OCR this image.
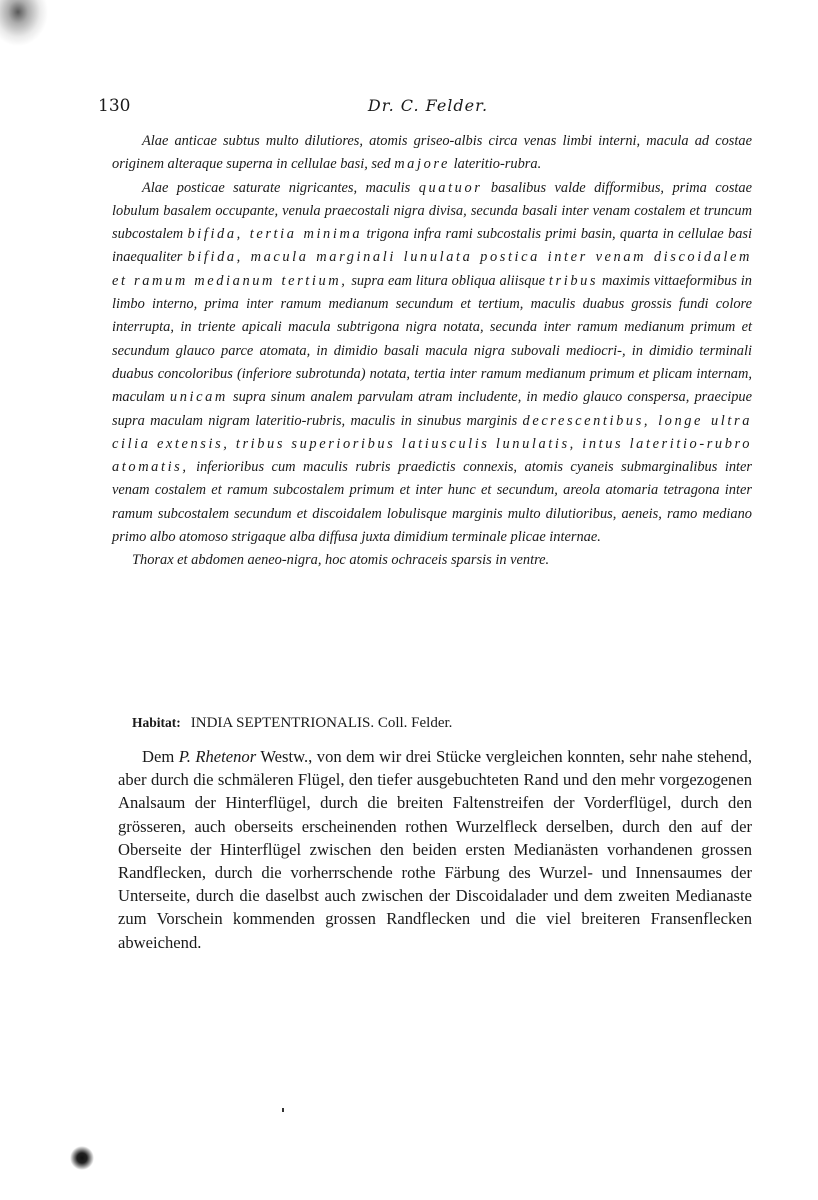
130	Dr. C. Felder.

Alae anticae subtus multo dilutiores, atomis griseo-albis circa venas limbi interni, macula ad costae originem alteraque superna in cellulae basi, sed majore lateritio-rubra.

Alae posticae saturate nigricantes, maculis quatuor basalibus valde difformibus, prima costae lobulum basalem occupante, venula praecostali nigra divisa, secunda basali inter venam costalem et truncum subcostalem bifida, tertia minima trigona infra rami subcostalis primi basin, quarta in cellulae basi inaequaliter bifida, macula marginali lunulata postica inter venam discoidalem et ramum medianum tertium, supra eam litura obliqua aliisque tribus maximis vittaeformibus in limbo interno, prima inter ramum medianum secundum et tertium, maculis duabus grossis fundi colore interrupta, in triente apicali macula subtrigona nigra notata, secunda inter ramum medianum primum et secundum glauco parce atomata, in dimidio basali macula nigra subovali mediocri-, in dimidio terminali duabus concoloribus (inferiore subrotunda) notata, tertia inter ramum medianum primum et plicam internam, maculam unicam supra sinum analem parvulam atram includente, in medio glauco conspersa, praecipue supra maculam nigram lateritio-rubris, maculis in sinubus marginis decrescentibus, longe ultra cilia extensis, tribus superioribus latiusculis lunulatis, intus lateritio-rubro atomatis, inferioribus cum maculis rubris praedictis connexis, atomis cyaneis submarginalibus inter venam costalem et ramum subcostalem primum et inter hunc et secundum, areola atomaria tetragona inter ramum subcostalem secundum et discoidalem lobulisque marginis multo dilutioribus, aeneis, ramo mediano primo albo atomoso strigaque alba diffusa juxta dimidium terminale plicae internae.

Thorax et abdomen aeneo-nigra, hoc atomis ochraceis sparsis in ventre.

Habitat: INDIA SEPTENTRIONALIS. Coll. Felder.
Dem P. Rhetenor Westw., von dem wir drei Stücke vergleichen konnten, sehr nahe stehend, aber durch die schmäleren Flügel, den tiefer ausgebuchteten Rand und den mehr vorgezogenen Analsaum der Hinterflügel, durch die breiten Faltenstreifen der Vorderflügel, durch den grösseren, auch oberseits erscheinenden rothen Wurzelfleck derselben, durch den auf der Oberseite der Hinterflügel zwischen den beiden ersten Medianästen vorhandenen grossen Randflecken, durch die vorherrschende rothe Färbung des Wurzel- und Innensaumes der Unterseite, durch die daselbst auch zwischen der Discoidalader und dem zweiten Medianaste zum Vorschein kommenden grossen Randflecken und die viel breiteren Fransenflecken abweichend.
